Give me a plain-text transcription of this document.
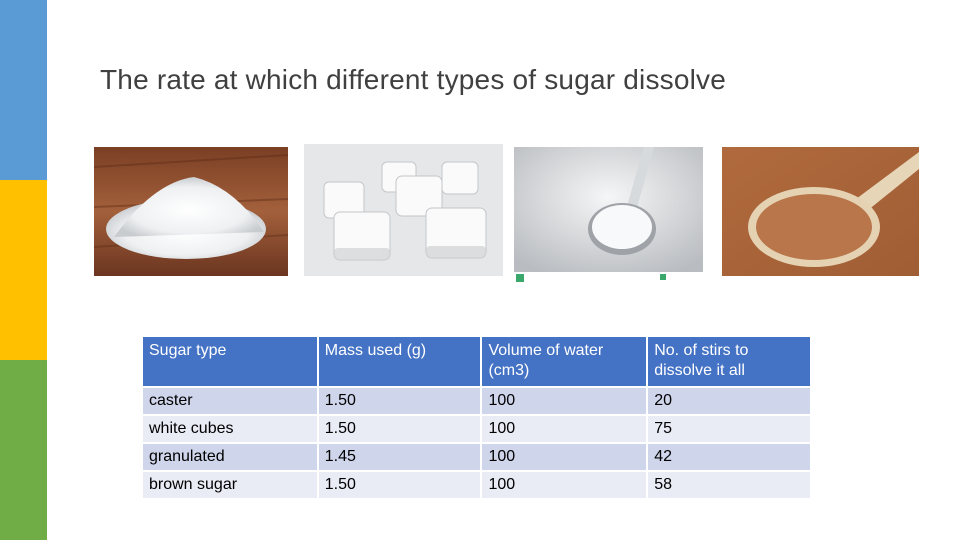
The rate at which different types of sugar dissolve
Sugar type	Mass used (g)	Volume of water (cm3)	No. of stirs to dissolve it all
caster	1.50	100	20
white cubes	1.50	100	75
granulated	1.45	100	42
brown sugar	1.50	100	58
